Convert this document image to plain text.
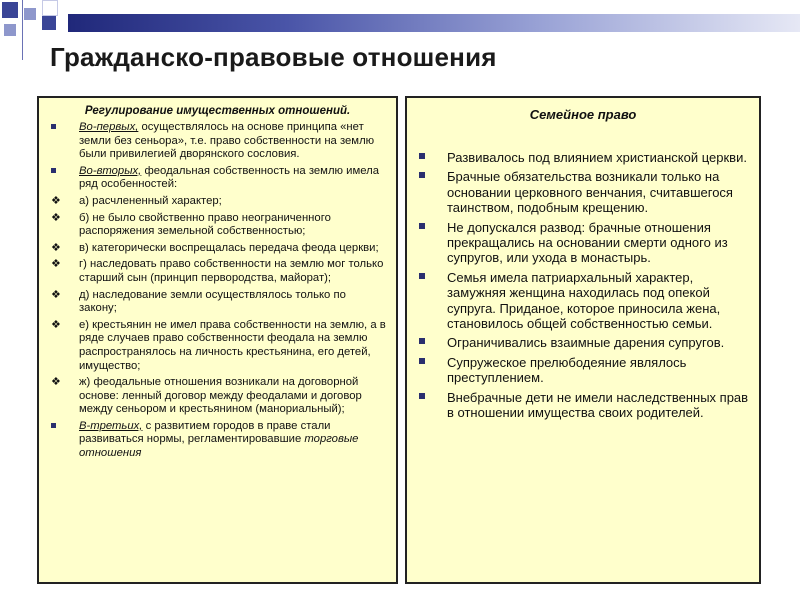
Гражданско-правовые отношения
Регулирование имущественных отношений.
Во-первых, осуществлялось на основе принципа «нет земли без сеньора», т.е. право собственности на землю были привилегией дворянского сословия.
Во-вторых, феодальная собственность на землю имела ряд особенностей:
❖ а) расчлененный характер;
❖ б) не было свойственно право неограниченного распоряжения земельной собственностью;
❖ в) категорически воспрещалась передача феода церкви;
❖ г) наследовать право собственности на землю мог только старший сын (принцип первородства, майорат);
❖ д) наследование земли осуществлялось только по закону;
❖ е) крестьянин не имел права собственности на землю, а в ряде случаев право собственности феодала на землю распространялось на личность крестьянина, его детей, имущество;
❖ ж) феодальные отношения возникали на договорной основе: ленный договор между феодалами и договор между сеньором и крестьянином (манориальный);
В-третьих, с развитием городов в праве стали развиваться нормы, регламентировавшие торговые отношения
Семейное право
Развивалось под влиянием христианской церкви.
Брачные обязательства возникали только на основании церковного венчания, считавшегося таинством, подобным крещению.
Не допускался развод: брачные отношения прекращались на основании смерти одного из супругов, или ухода в монастырь.
Семья имела патриархальный характер, замужняя женщина находилась под опекой супруга. Приданое, которое приносила жена, становилось общей собственностью семьи.
Ограничивались взаимные дарения супругов.
Супружеское прелюбодеяние являлось преступлением.
Внебрачные дети не имели наследственных прав в отношении имущества своих родителей.
